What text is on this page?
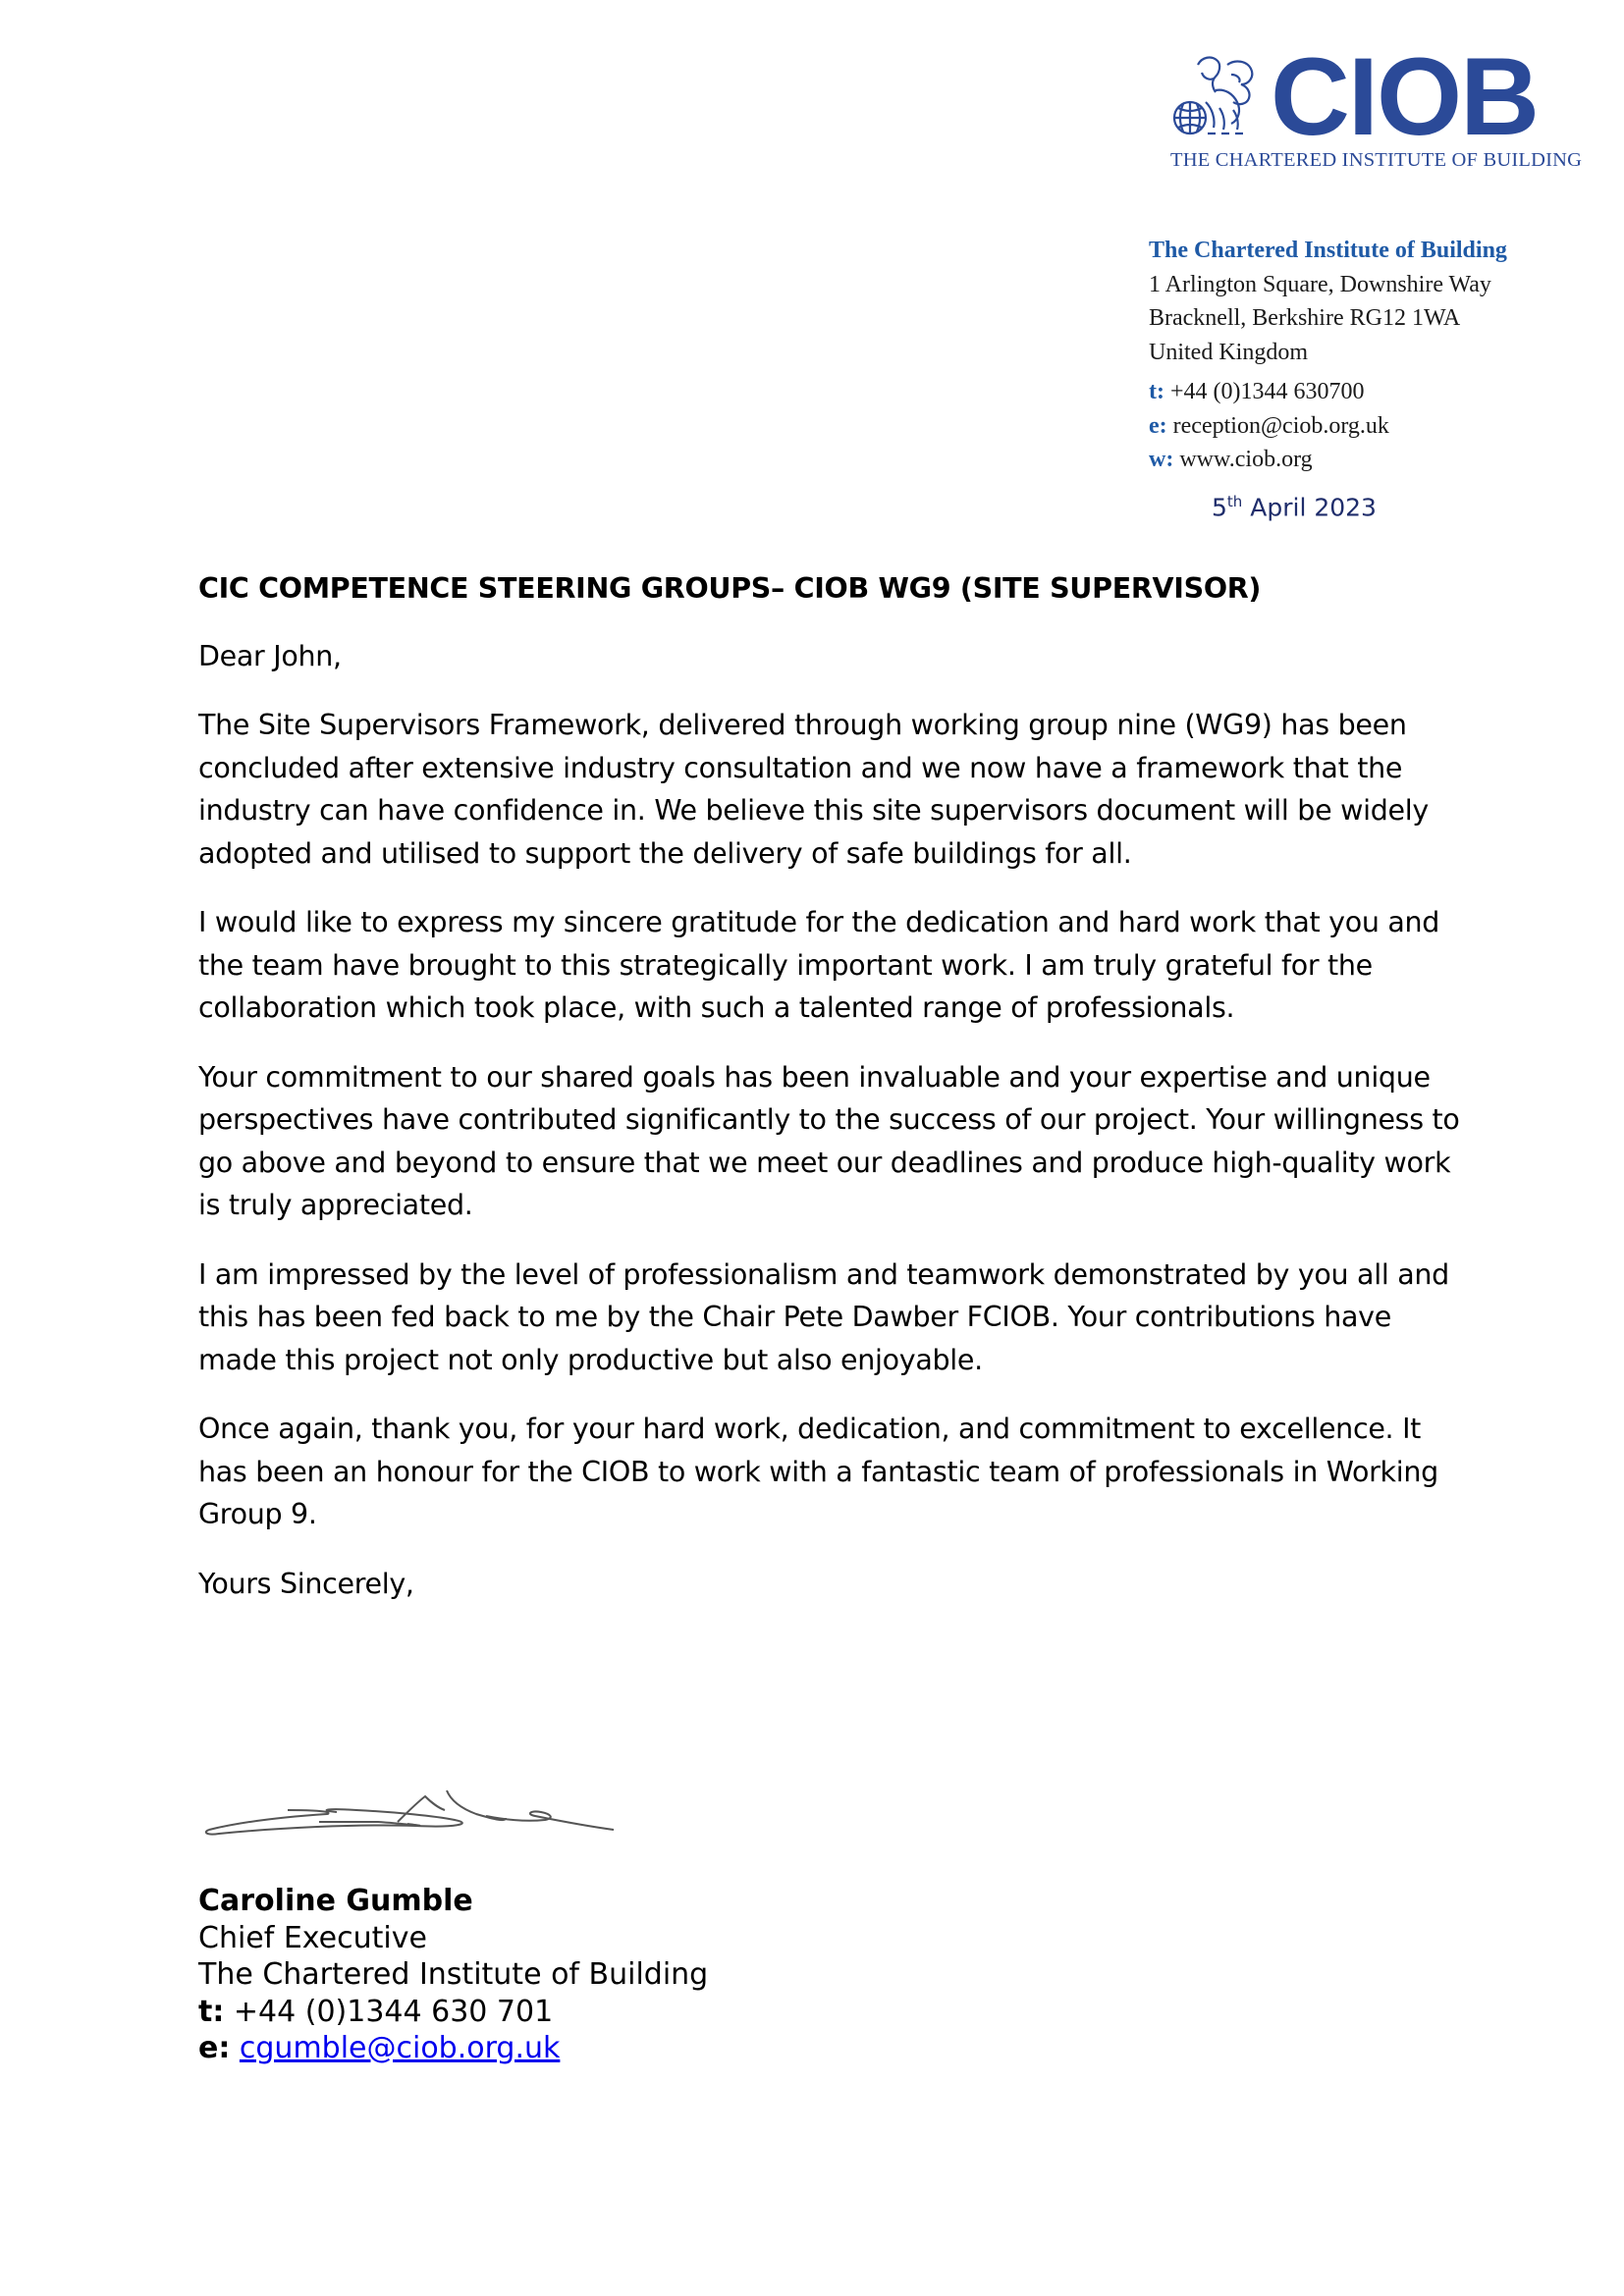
CIOB
THE CHARTERED INSTITUTE OF BUILDING
The Chartered Institute of Building
1 Arlington Square, Downshire Way
Bracknell, Berkshire RG12 1WA
United Kingdom
t: +44 (0)1344 630700
e: reception@ciob.org.uk
w: www.ciob.org
5th April 2023
CIC COMPETENCE STEERING GROUPS– CIOB WG9 (SITE SUPERVISOR)
Dear John,
The Site Supervisors Framework, delivered through working group nine (WG9) has been concluded after extensive industry consultation and we now have a framework that the industry can have confidence in. We believe this site supervisors document will be widely adopted and utilised to support the delivery of safe buildings for all.
I would like to express my sincere gratitude for the dedication and hard work that you and the team have brought to this strategically important work. I am truly grateful for the collaboration which took place, with such a talented range of professionals.
Your commitment to our shared goals has been invaluable and your expertise and unique perspectives have contributed significantly to the success of our project. Your willingness to go above and beyond to ensure that we meet our deadlines and produce high-quality work is truly appreciated.
I am impressed by the level of professionalism and teamwork demonstrated by you all and this has been fed back to me by the Chair Pete Dawber FCIOB. Your contributions have made this project not only productive but also enjoyable.
Once again, thank you, for your hard work, dedication, and commitment to excellence. It has been an honour for the CIOB to work with a fantastic team of professionals in Working Group 9.
Yours Sincerely,
Caroline Gumble
Chief Executive
The Chartered Institute of Building
t: +44 (0)1344 630 701
e: cgumble@ciob.org.uk
